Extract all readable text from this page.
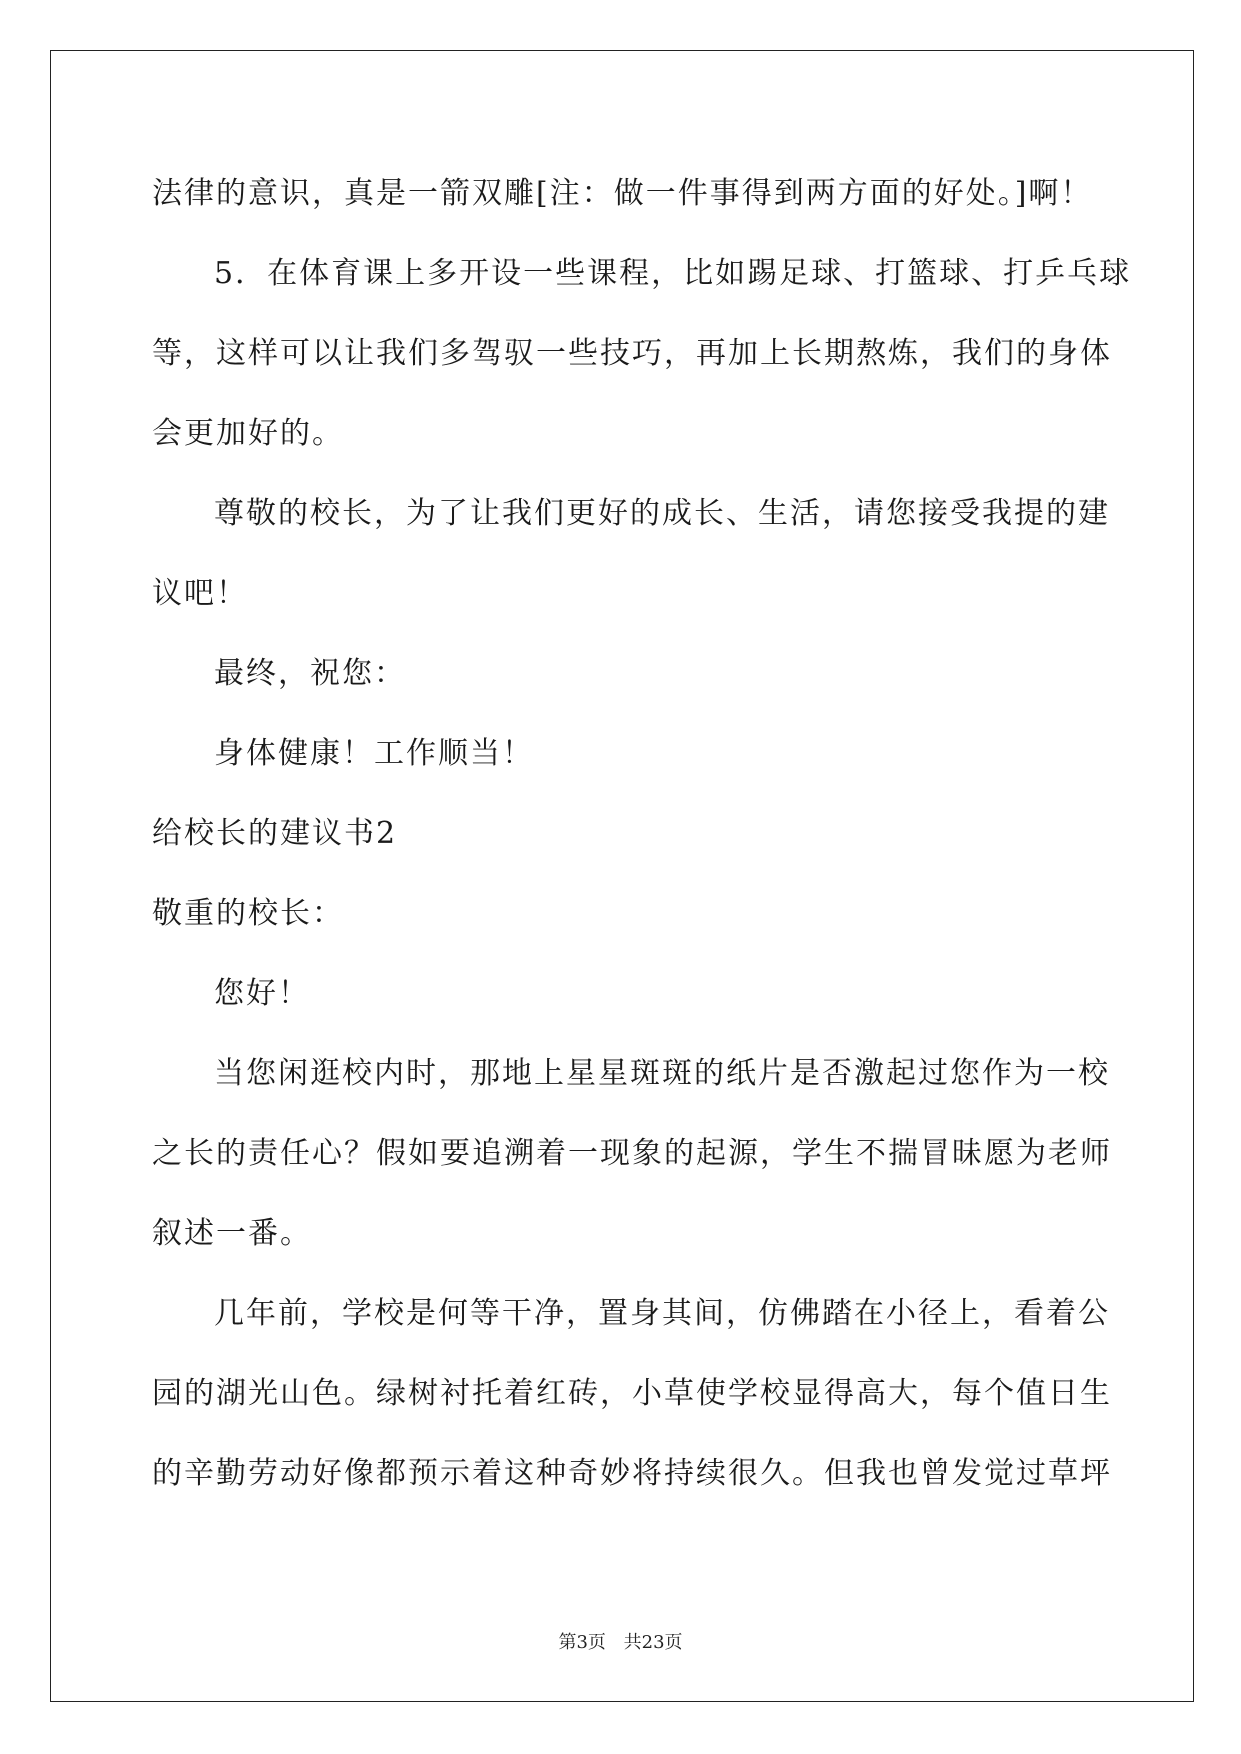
法律的意识，真是一箭双雕[注：做一件事得到两方面的好处。]啊！
5．在体育课上多开设一些课程，比如踢足球、打篮球、打乒乓球
等，这样可以让我们多驾驭一些技巧，再加上长期熬炼，我们的身体
会更加好的。
尊敬的校长，为了让我们更好的成长、生活，请您接受我提的建
议吧！
最终，祝您：
身体健康！工作顺当！
给校长的建议书2
敬重的校长：
您好！
当您闲逛校内时，那地上星星斑斑的纸片是否激起过您作为一校
之长的责任心？假如要追溯着一现象的起源，学生不揣冒昧愿为老师
叙述一番。
几年前，学校是何等干净，置身其间，仿佛踏在小径上，看着公
园的湖光山色。绿树衬托着红砖，小草使学校显得高大，每个值日生
的辛勤劳动好像都预示着这种奇妙将持续很久。但我也曾发觉过草坪
第3页 共23页
